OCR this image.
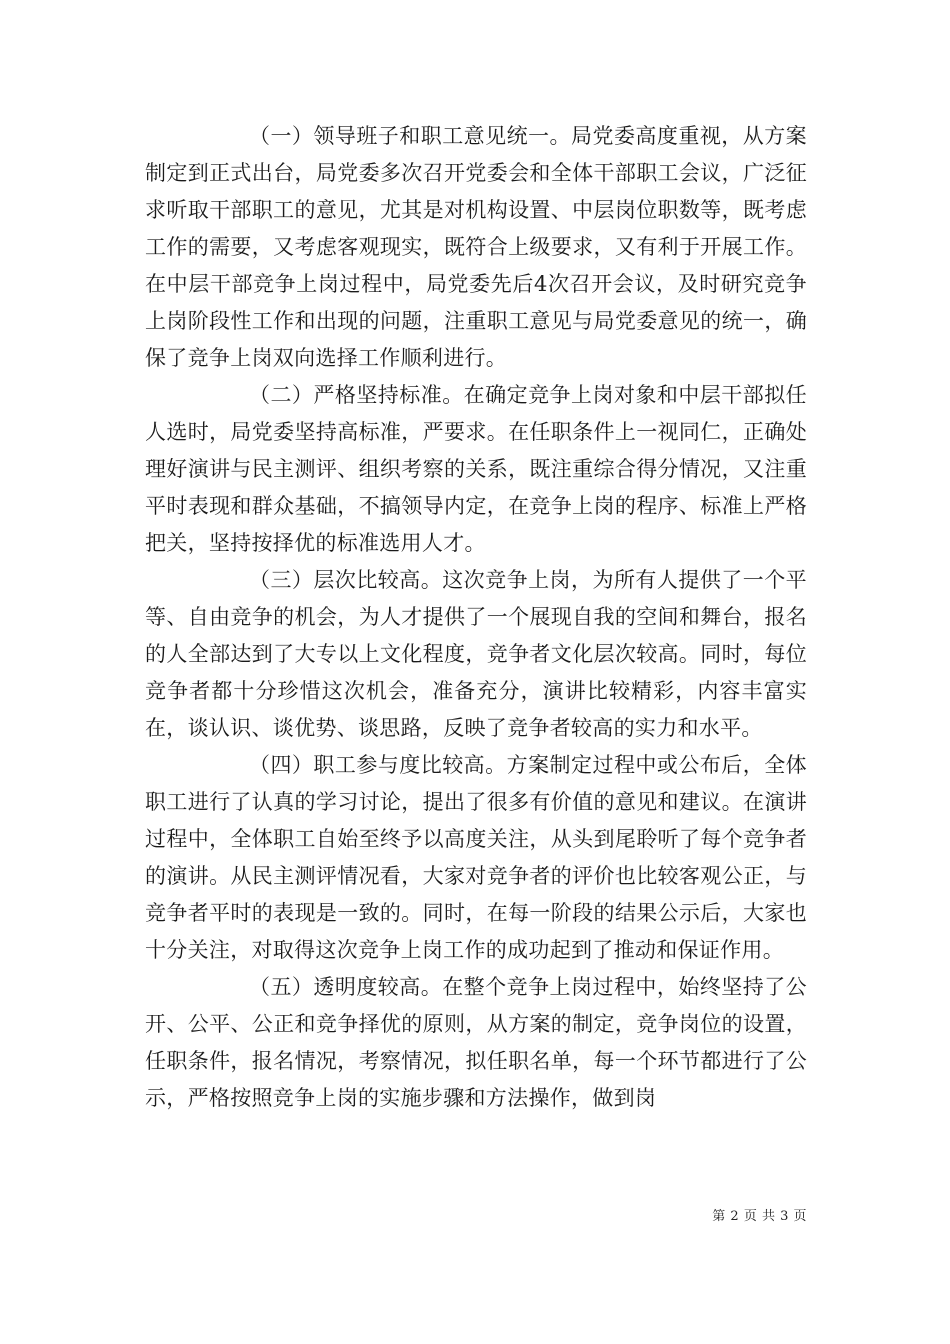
（一）领导班子和职工意见统一。局党委高度重视，从方案制定到正式出台，局党委多次召开党委会和全体干部职工会议，广泛征求听取干部职工的意见，尤其是对机构设置、中层岗位职数等，既考虑工作的需要，又考虑客观现实，既符合上级要求，又有利于开展工作。在中层干部竞争上岗过程中，局党委先后4次召开会议，及时研究竞争上岗阶段性工作和出现的问题，注重职工意见与局党委意见的统一，确保了竞争上岗双向选择工作顺利进行。

（二）严格坚持标准。在确定竞争上岗对象和中层干部拟任人选时，局党委坚持高标准，严要求。在任职条件上一视同仁，正确处理好演讲与民主测评、组织考察的关系，既注重综合得分情况，又注重平时表现和群众基础，不搞领导内定，在竞争上岗的程序、标准上严格把关，坚持按择优的标准选用人才。

（三）层次比较高。这次竞争上岗，为所有人提供了一个平等、自由竞争的机会，为人才提供了一个展现自我的空间和舞台，报名的人全部达到了大专以上文化程度，竞争者文化层次较高。同时，每位竞争者都十分珍惜这次机会，准备充分，演讲比较精彩，内容丰富实在，谈认识、谈优势、谈思路，反映了竞争者较高的实力和水平。

（四）职工参与度比较高。方案制定过程中或公布后，全体职工进行了认真的学习讨论，提出了很多有价值的意见和建议。在演讲过程中，全体职工自始至终予以高度关注，从头到尾聆听了每个竞争者的演讲。从民主测评情况看，大家对竞争者的评价也比较客观公正，与竞争者平时的表现是一致的。同时，在每一阶段的结果公示后，大家也十分关注，对取得这次竞争上岗工作的成功起到了推动和保证作用。

（五）透明度较高。在整个竞争上岗过程中，始终坚持了公开、公平、公正和竞争择优的原则，从方案的制定，竞争岗位的设置，任职条件，报名情况，考察情况，拟任职名单，每一个环节都进行了公示，严格按照竞争上岗的实施步骤和方法操作，做到岗

第 2 页 共 3 页
